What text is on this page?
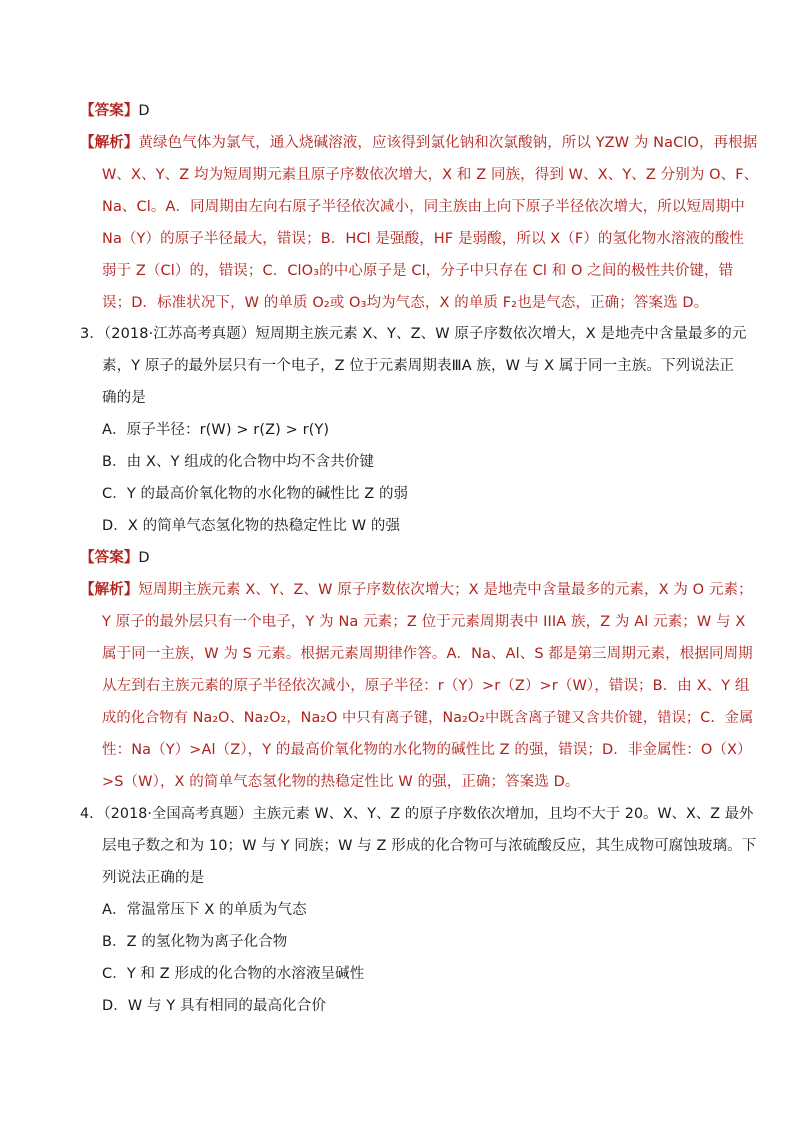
【答案】D
【解析】黄绿色气体为氯气，通入烧碱溶液，应该得到氯化钠和次氯酸钠，所以 YZW 为 NaClO，再根据
W、X、Y、Z 均为短周期元素且原子序数依次增大，X 和 Z 同族，得到 W、X、Y、Z 分别为 O、F、
Na、Cl。A．同周期由左向右原子半径依次减小，同主族由上向下原子半径依次增大，所以短周期中
Na（Y）的原子半径最大，错误；B．HCl 是强酸，HF 是弱酸，所以 X（F）的氢化物水溶液的酸性
弱于 Z（Cl）的，错误；C．ClO₃的中心原子是 Cl，分子中只存在 Cl 和 O 之间的极性共价键，错
误；D．标准状况下，W 的单质 O₂或 O₃均为气态，X 的单质 F₂也是气态，正确；答案选 D。
3．（2018·江苏高考真题）短周期主族元素 X、Y、Z、W 原子序数依次增大，X 是地壳中含量最多的元
素，Y 原子的最外层只有一个电子，Z 位于元素周期表ⅢA 族，W 与 X 属于同一主族。下列说法正
确的是
A．原子半径：r(W) > r(Z) > r(Y)
B．由 X、Y 组成的化合物中均不含共价键
C．Y 的最高价氧化物的水化物的碱性比 Z 的弱
D．X 的简单气态氢化物的热稳定性比 W 的强
【答案】D
【解析】短周期主族元素 X、Y、Z、W 原子序数依次增大；X 是地壳中含量最多的元素，X 为 O 元素；
Y 原子的最外层只有一个电子，Y 为 Na 元素；Z 位于元素周期表中 IIIA 族，Z 为 Al 元素；W 与 X
属于同一主族，W 为 S 元素。根据元素周期律作答。A．Na、Al、S 都是第三周期元素，根据同周期
从左到右主族元素的原子半径依次减小，原子半径：r（Y）>r（Z）>r（W），错误；B．由 X、Y 组
成的化合物有 Na₂O、Na₂O₂，Na₂O 中只有离子键，Na₂O₂中既含离子键又含共价键，错误；C．金属
性：Na（Y）>Al（Z），Y 的最高价氧化物的水化物的碱性比 Z 的强，错误；D．非金属性：O（X）
>S（W），X 的简单气态氢化物的热稳定性比 W 的强，正确；答案选 D。
4．（2018·全国高考真题）主族元素 W、X、Y、Z 的原子序数依次增加，且均不大于 20。W、X、Z 最外
层电子数之和为 10；W 与 Y 同族；W 与 Z 形成的化合物可与浓硫酸反应，其生成物可腐蚀玻璃。下
列说法正确的是
A．常温常压下 X 的单质为气态
B．Z 的氢化物为离子化合物
C．Y 和 Z 形成的化合物的水溶液呈碱性
D．W 与 Y 具有相同的最高化合价
